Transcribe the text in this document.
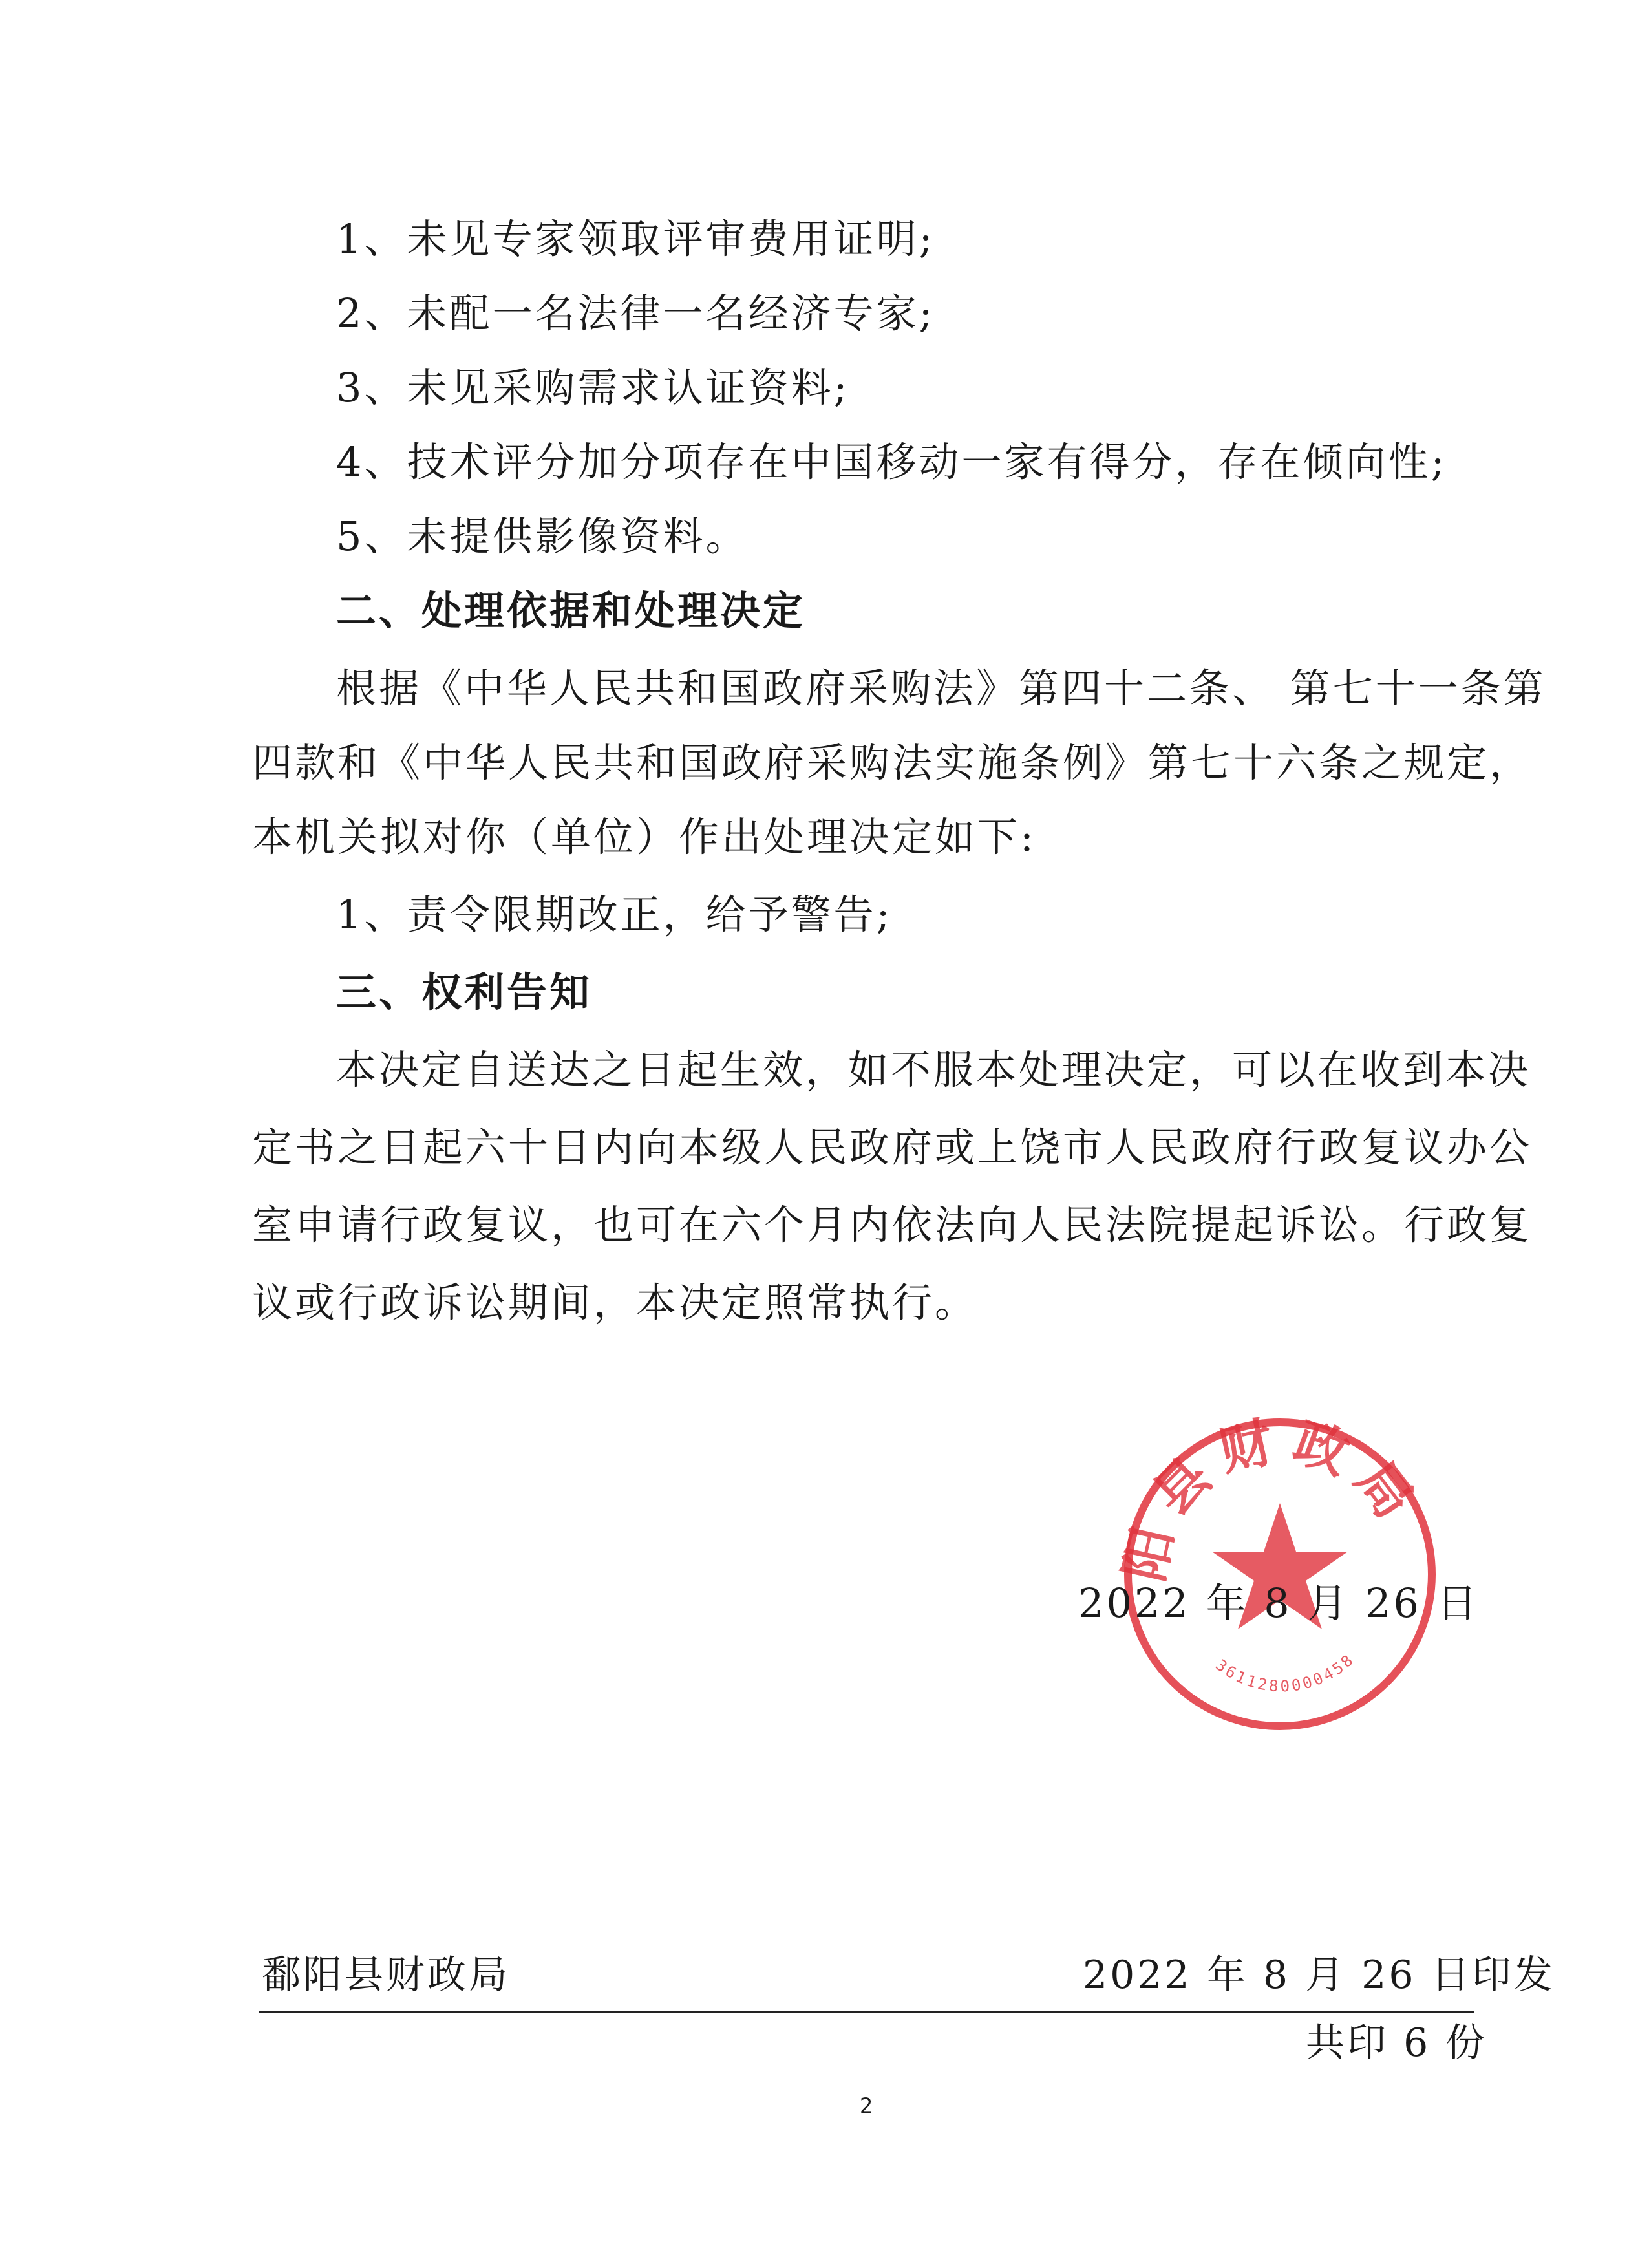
1、未见专家领取评审费用证明;
2、未配一名法律一名经济专家;
3、未见采购需求认证资料;
4、技术评分加分项存在中国移动一家有得分，存在倾向性;
5、未提供影像资料。
二、处理依据和处理决定
根据《中华人民共和国政府采购法》第四十二条、 第七十一条第
四款和《中华人民共和国政府采购法实施条例》第七十六条之规定，
本机关拟对你（单位）作出处理决定如下:
1、责令限期改正，给予警告;
三、权利告知
本决定自送达之日起生效，如不服本处理决定，可以在收到本决
定书之日起六十日内向本级人民政府或上饶市人民政府行政复议办公
室申请行政复议，也可在六个月内依法向人民法院提起诉讼。行政复
议或行政诉讼期间，本决定照常执行。
阳县财政局
3611280000458
2022 年 8 月 26 日
鄱阳县财政局	2022 年 8 月 26 日印发
共印 6 份
2
